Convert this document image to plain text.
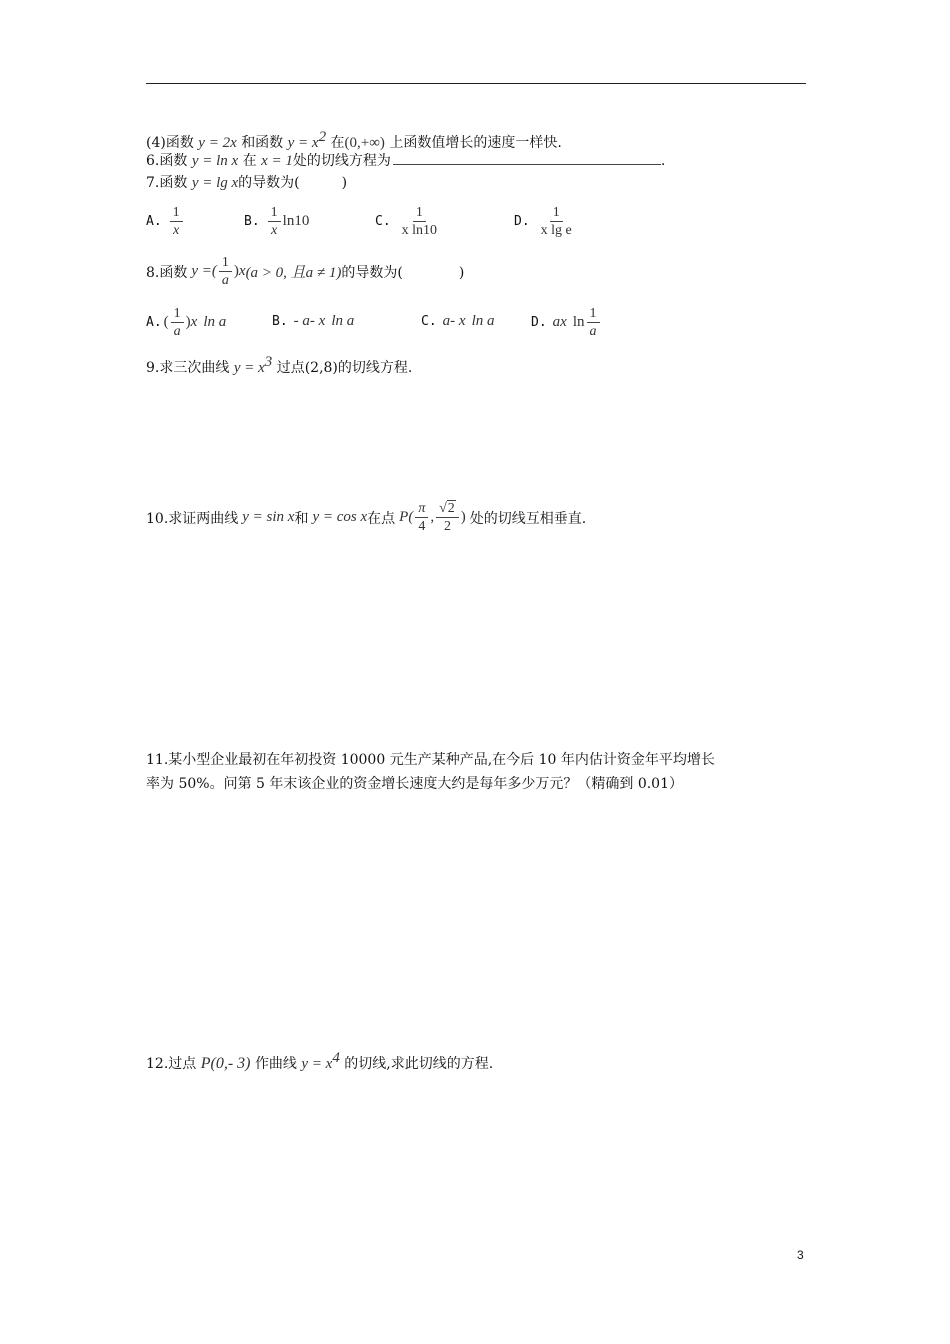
(4)函数 y = 2x 和函数 $y = x^2$ 在(0,+∞) 上函数值增长的速度一样快.
6.函数 y = ln x 在 x = 1处的切线方程为	.
7.函数 y = lg x的导数为(　　　)
A. $\frac{1}{x}$	B. $\frac{1}{x} \ln 10$	C. $\frac{1}{\text{x ln10}}$	D. $\frac{1}{\text{x lg e}}$
8.函数 y =( $\frac{1}{a}$ ) x (a > 0, 且a ≠ 1) 的导数为(　　　　)
A. ( $\frac{1}{a}$ ) x ln a	B. - a - x ln a	C. a - x ln a	D. a x $\ln \frac{1}{a}$
9.求三次曲线 $y = x^3$ 过点(2,8)的切线方程.
10.求证两曲线 y = sin x 和 y = cos x 在点 $P( \frac{\pi}{4}$ , $\frac{√2}{2}$ ) 处的切线互相垂直.
11.某小型企业最初在年初投资 10000 元生产某种产品,在今后 10 年内估计资金年平均增长
率为 50%。问第 5 年末该企业的资金增长速度大约是每年多少万元？（精确到 0.01）
12.过点 P(0,- 3) 作曲线 $y = x^4$ 的切线,求此切线的方程.
3
